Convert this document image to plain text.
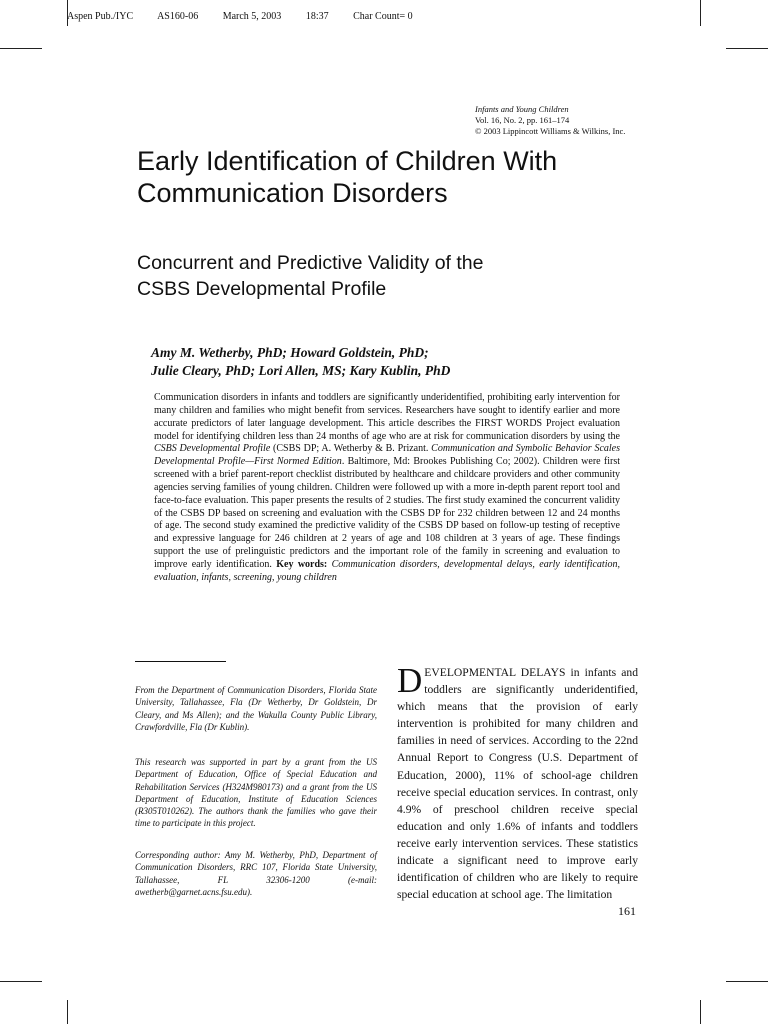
Aspen Pub./IYC AS160-06 March 5, 2003 18:37 Char Count= 0
Infants and Young Children
Vol. 16, No. 2, pp. 161–174
© 2003 Lippincott Williams & Wilkins, Inc.
Early Identification of Children With Communication Disorders
Concurrent and Predictive Validity of the CSBS Developmental Profile
Amy M. Wetherby, PhD; Howard Goldstein, PhD;
Julie Cleary, PhD; Lori Allen, MS; Kary Kublin, PhD
Communication disorders in infants and toddlers are significantly underidentified, prohibiting early intervention for many children and families who might benefit from services. Researchers have sought to identify earlier and more accurate predictors of later language development. This article describes the FIRST WORDS Project evaluation model for identifying children less than 24 months of age who are at risk for communication disorders by using the CSBS Developmental Profile (CSBS DP; A. Wetherby & B. Prizant. Communication and Symbolic Behavior Scales Developmental Profile—First Normed Edition. Baltimore, Md: Brookes Publishing Co; 2002). Children were first screened with a brief parent-report checklist distributed by healthcare and childcare providers and other community agencies serving families of young children. Children were followed up with a more in-depth parent report tool and face-to-face evaluation. This paper presents the results of 2 studies. The first study examined the concurrent validity of the CSBS DP based on screening and evaluation with the CSBS DP for 232 children between 12 and 24 months of age. The second study examined the predictive validity of the CSBS DP based on follow-up testing of receptive and expressive language for 246 children at 2 years of age and 108 children at 3 years of age. These findings support the use of prelinguistic predictors and the important role of the family in screening and evaluation to improve early identification. Key words: Communication disorders, developmental delays, early identification, evaluation, infants, screening, young children
From the Department of Communication Disorders, Florida State University, Tallahassee, Fla (Dr Wetherby, Dr Goldstein, Dr Cleary, and Ms Allen); and the Wakulla County Public Library, Crawfordville, Fla (Dr Kublin).
This research was supported in part by a grant from the US Department of Education, Office of Special Education and Rehabilitation Services (H324M980173) and a grant from the US Department of Education, Institute of Education Sciences (R305T010262). The authors thank the families who gave their time to participate in this project.
Corresponding author: Amy M. Wetherby, PhD, Department of Communication Disorders, RRC 107, Florida State University, Tallahassee, FL 32306-1200 (e-mail: awetherb@garnet.acns.fsu.edu).
DEVELOPMENTAL DELAYS in infants and toddlers are significantly underidentified, which means that the provision of early intervention is prohibited for many children and families in need of services. According to the 22nd Annual Report to Congress (U.S. Department of Education, 2000), 11% of school-age children receive special education services. In contrast, only 4.9% of preschool children receive special education and only 1.6% of infants and toddlers receive early intervention services. These statistics indicate a significant need to improve early identification of children who are likely to require special education at school age. The limitation
161
